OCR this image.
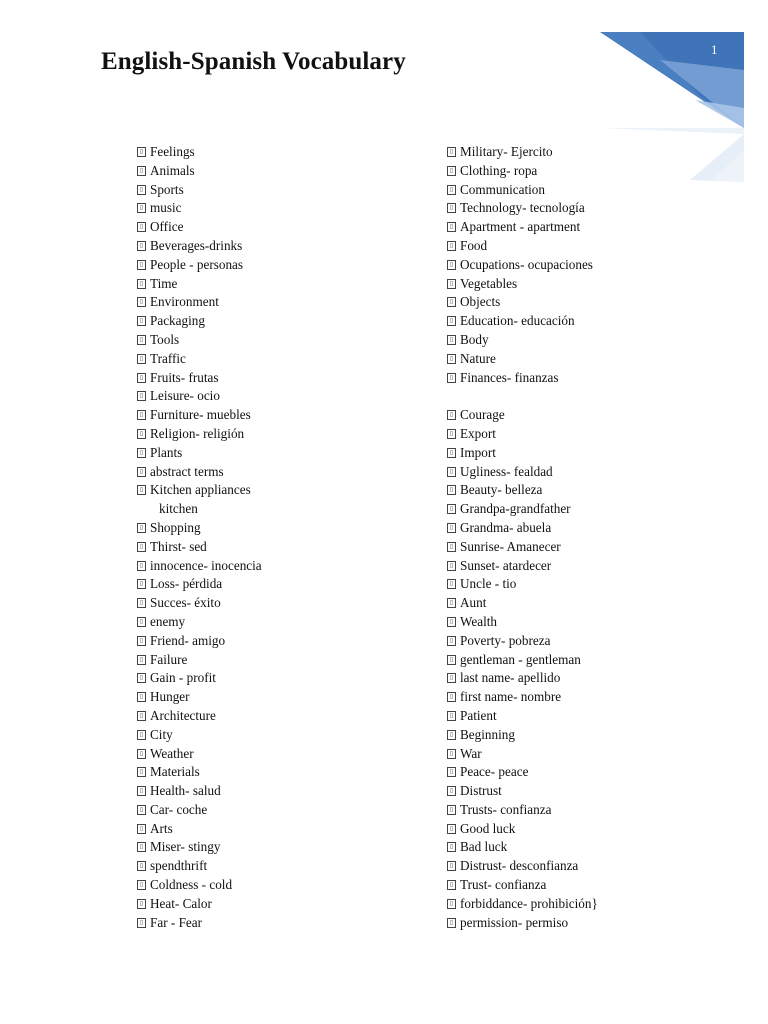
1
English-Spanish Vocabulary
Feelings
Animals
Sports
music
Office
Beverages-drinks
People - personas
Time
Environment
Packaging
Tools
Traffic
Fruits- frutas
Leisure- ocio
Furniture- muebles
Religion- religión
Plants
abstract terms
Kitchen appliances
kitchen
Shopping
Thirst- sed
innocence- inocencia
Loss- pérdida
Succes- éxito
enemy
Friend- amigo
Failure
Gain - profit
Hunger
Architecture
City
Weather
Materials
Health- salud
Car- coche
Arts
Miser- stingy
spendthrift
Coldness - cold
Heat- Calor
Far - Fear
Military- Ejercito
Clothing- ropa
Communication
Technology- tecnología
Apartment - apartment
Food
Ocupations- ocupaciones
Vegetables
Objects
Education- educación
Body
Nature
Finances- finanzas
Courage
Export
Import
Ugliness- fealdad
Beauty- belleza
Grandpa-grandfather
Grandma- abuela
Sunrise- Amanecer
Sunset- atardecer
Uncle - tio
Aunt
Wealth
Poverty- pobreza
gentleman - gentleman
last name- apellido
first name- nombre
Patient
Beginning
War
Peace- peace
Distrust
Trusts- confianza
Good luck
Bad luck
Distrust- desconfianza
Trust- confianza
forbiddance- prohibición}
permission- permiso
